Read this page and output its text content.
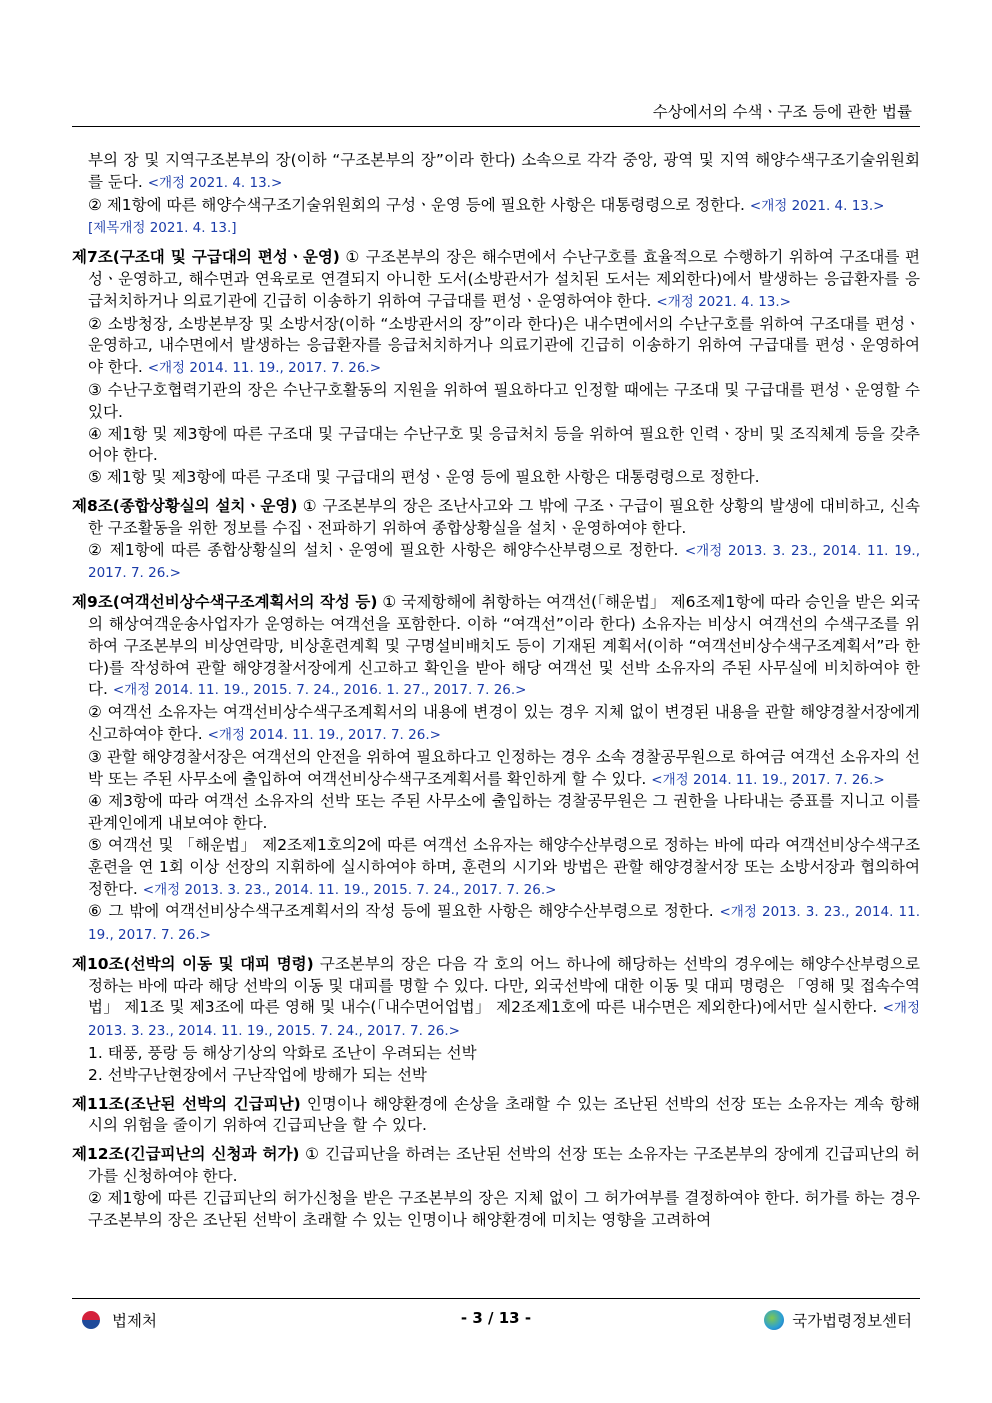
수상에서의 수색ㆍ구조 등에 관한 법률
부의 장 및 지역구조본부의 장(이하 “구조본부의 장”이라 한다) 소속으로 각각 중앙, 광역 및 지역 해양수색구조기술위원회를 둔다. <개정 2021. 4. 13.>
② 제1항에 따른 해양수색구조기술위원회의 구성ㆍ운영 등에 필요한 사항은 대통령령으로 정한다. <개정 2021. 4. 13.>
[제목개정 2021. 4. 13.]
제7조(구조대 및 구급대의 편성ㆍ운영) ① 구조본부의 장은 해수면에서 수난구호를 효율적으로 수행하기 위하여 구조대를 편성ㆍ운영하고, 해수면과 연육로로 연결되지 아니한 도서(소방관서가 설치된 도서는 제외한다)에서 발생하는 응급환자를 응급처치하거나 의료기관에 긴급히 이송하기 위하여 구급대를 편성ㆍ운영하여야 한다. <개정 2021. 4. 13.>
② 소방청장, 소방본부장 및 소방서장(이하 “소방관서의 장”이라 한다)은 내수면에서의 수난구호를 위하여 구조대를 편성ㆍ운영하고, 내수면에서 발생하는 응급환자를 응급처치하거나 의료기관에 긴급히 이송하기 위하여 구급대를 편성ㆍ운영하여야 한다. <개정 2014. 11. 19., 2017. 7. 26.>
③ 수난구호협력기관의 장은 수난구호활동의 지원을 위하여 필요하다고 인정할 때에는 구조대 및 구급대를 편성ㆍ운영할 수 있다.
④ 제1항 및 제3항에 따른 구조대 및 구급대는 수난구호 및 응급처치 등을 위하여 필요한 인력ㆍ장비 및 조직체계 등을 갖추어야 한다.
⑤ 제1항 및 제3항에 따른 구조대 및 구급대의 편성ㆍ운영 등에 필요한 사항은 대통령령으로 정한다.
제8조(종합상황실의 설치ㆍ운영) ① 구조본부의 장은 조난사고와 그 밖에 구조ㆍ구급이 필요한 상황의 발생에 대비하고, 신속한 구조활동을 위한 정보를 수집ㆍ전파하기 위하여 종합상황실을 설치ㆍ운영하여야 한다.
② 제1항에 따른 종합상황실의 설치ㆍ운영에 필요한 사항은 해양수산부령으로 정한다. <개정 2013. 3. 23., 2014. 11. 19., 2017. 7. 26.>
제9조(여객선비상수색구조계획서의 작성 등) ① 국제항해에 취항하는 여객선(「해운법」 제6조제1항에 따라 승인을 받은 외국의 해상여객운송사업자가 운영하는 여객선을 포함한다. 이하 “여객선”이라 한다) 소유자는 비상시 여객선의 수색구조를 위하여 구조본부의 비상연락망, 비상훈련계획 및 구명설비배치도 등이 기재된 계획서(이하 “여객선비상수색구조계획서”라 한다)를 작성하여 관할 해양경찰서장에게 신고하고 확인을 받아 해당 여객선 및 선박 소유자의 주된 사무실에 비치하여야 한다. <개정 2014. 11. 19., 2015. 7. 24., 2016. 1. 27., 2017. 7. 26.>
② 여객선 소유자는 여객선비상수색구조계획서의 내용에 변경이 있는 경우 지체 없이 변경된 내용을 관할 해양경찰서장에게 신고하여야 한다. <개정 2014. 11. 19., 2017. 7. 26.>
③ 관할 해양경찰서장은 여객선의 안전을 위하여 필요하다고 인정하는 경우 소속 경찰공무원으로 하여금 여객선 소유자의 선박 또는 주된 사무소에 출입하여 여객선비상수색구조계획서를 확인하게 할 수 있다. <개정 2014. 11. 19., 2017. 7. 26.>
④ 제3항에 따라 여객선 소유자의 선박 또는 주된 사무소에 출입하는 경찰공무원은 그 권한을 나타내는 증표를 지니고 이를 관계인에게 내보여야 한다.
⑤ 여객선 및 「해운법」 제2조제1호의2에 따른 여객선 소유자는 해양수산부령으로 정하는 바에 따라 여객선비상수색구조 훈련을 연 1회 이상 선장의 지휘하에 실시하여야 하며, 훈련의 시기와 방법은 관할 해양경찰서장 또는 소방서장과 협의하여 정한다. <개정 2013. 3. 23., 2014. 11. 19., 2015. 7. 24., 2017. 7. 26.>
⑥ 그 밖에 여객선비상수색구조계획서의 작성 등에 필요한 사항은 해양수산부령으로 정한다. <개정 2013. 3. 23., 2014. 11. 19., 2017. 7. 26.>
제10조(선박의 이동 및 대피 명령) 구조본부의 장은 다음 각 호의 어느 하나에 해당하는 선박의 경우에는 해양수산부령으로 정하는 바에 따라 해당 선박의 이동 및 대피를 명할 수 있다. 다만, 외국선박에 대한 이동 및 대피 명령은 「영해 및 접속수역법」 제1조 및 제3조에 따른 영해 및 내수(「내수면어업법」 제2조제1호에 따른 내수면은 제외한다)에서만 실시한다. <개정 2013. 3. 23., 2014. 11. 19., 2015. 7. 24., 2017. 7. 26.>
1. 태풍, 풍랑 등 해상기상의 악화로 조난이 우려되는 선박
2. 선박구난현장에서 구난작업에 방해가 되는 선박
제11조(조난된 선박의 긴급피난) 인명이나 해양환경에 손상을 초래할 수 있는 조난된 선박의 선장 또는 소유자는 계속 항해 시의 위험을 줄이기 위하여 긴급피난을 할 수 있다.
제12조(긴급피난의 신청과 허가) ① 긴급피난을 하려는 조난된 선박의 선장 또는 소유자는 구조본부의 장에게 긴급피난의 허가를 신청하여야 한다.
② 제1항에 따른 긴급피난의 허가신청을 받은 구조본부의 장은 지체 없이 그 허가여부를 결정하여야 한다. 허가를 하는 경우 구조본부의 장은 조난된 선박이 초래할 수 있는 인명이나 해양환경에 미치는 영향을 고려하여
법제처	- 3 / 13 -	국가법령정보센터
